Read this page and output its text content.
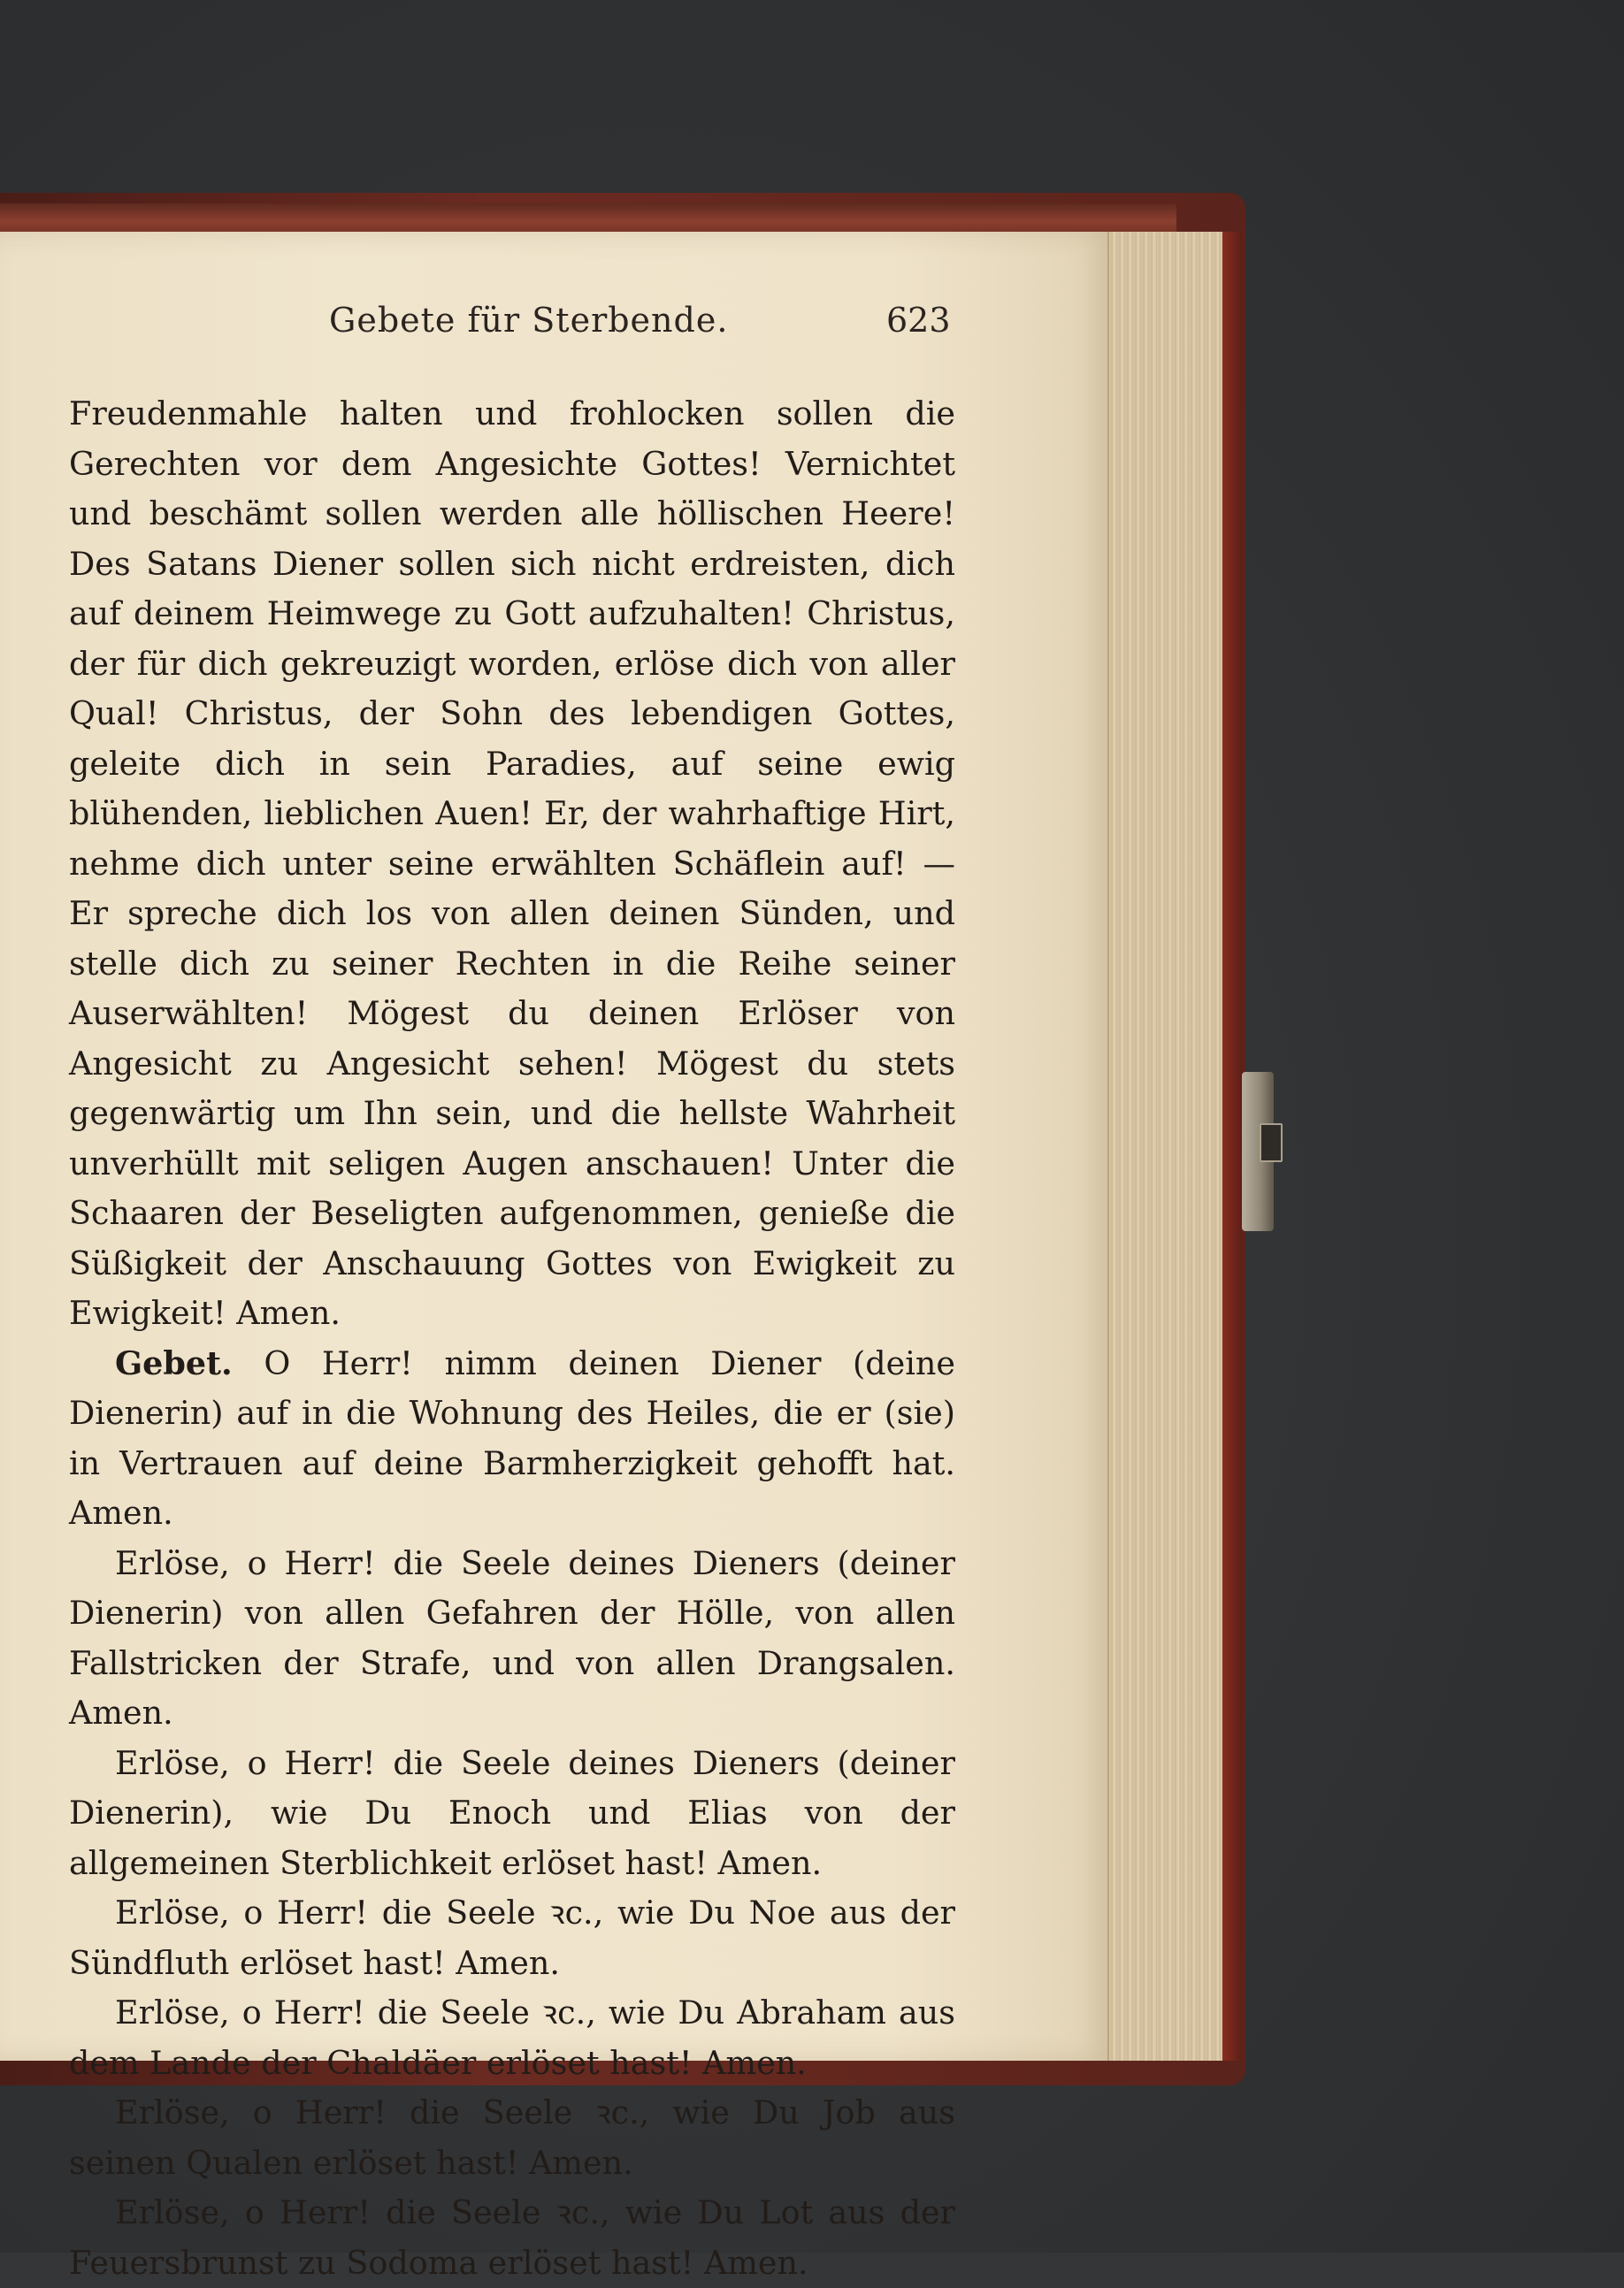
Gebete für Sterbende.	623

Freudenmahle halten und frohlocken sollen die Gerechten vor dem Angesichte Gottes! Vernichtet und beschämt sollen werden alle höllischen Heere! Des Satans Diener sollen sich nicht erdreisten, dich auf deinem Heimwege zu Gott aufzuhalten! Christus, der für dich gekreuzigt worden, erlöse dich von aller Qual! Christus, der Sohn des lebendigen Gottes, geleite dich in sein Paradies, auf seine ewig blühenden, lieblichen Auen! Er, der wahrhaftige Hirt, nehme dich unter seine erwählten Schäflein auf! — Er spreche dich los von allen deinen Sünden, und stelle dich zu seiner Rechten in die Reihe seiner Auserwählten! Mögest du deinen Erlöser von Angesicht zu Angesicht sehen! Mögest du stets gegenwärtig um Ihn sein, und die hellste Wahrheit unverhüllt mit seligen Augen anschauen! Unter die Schaaren der Beseligten aufgenommen, genieße die Süßigkeit der Anschauung Gottes von Ewigkeit zu Ewigkeit! Amen.

Gebet. O Herr! nimm deinen Diener (deine Dienerin) auf in die Wohnung des Heiles, die er (sie) in Vertrauen auf deine Barmherzigkeit gehofft hat. Amen.

Erlöse, o Herr! die Seele deines Dieners (deiner Dienerin) von allen Gefahren der Hölle, von allen Fallstricken der Strafe, und von allen Drangsalen. Amen.

Erlöse, o Herr! die Seele deines Dieners (deiner Dienerin), wie Du Enoch und Elias von der allgemeinen Sterblichkeit erlöset hast! Amen.

Erlöse, o Herr! die Seele ꝛc., wie Du Noe aus der Sündfluth erlöset hast! Amen.

Erlöse, o Herr! die Seele ꝛc., wie Du Abraham aus dem Lande der Chaldäer erlöset hast! Amen.

Erlöse, o Herr! die Seele ꝛc., wie Du Job aus seinen Qualen erlöset hast! Amen.

Erlöse, o Herr! die Seele ꝛc., wie Du Lot aus der Feuersbrunst zu Sodoma erlöset hast! Amen.
